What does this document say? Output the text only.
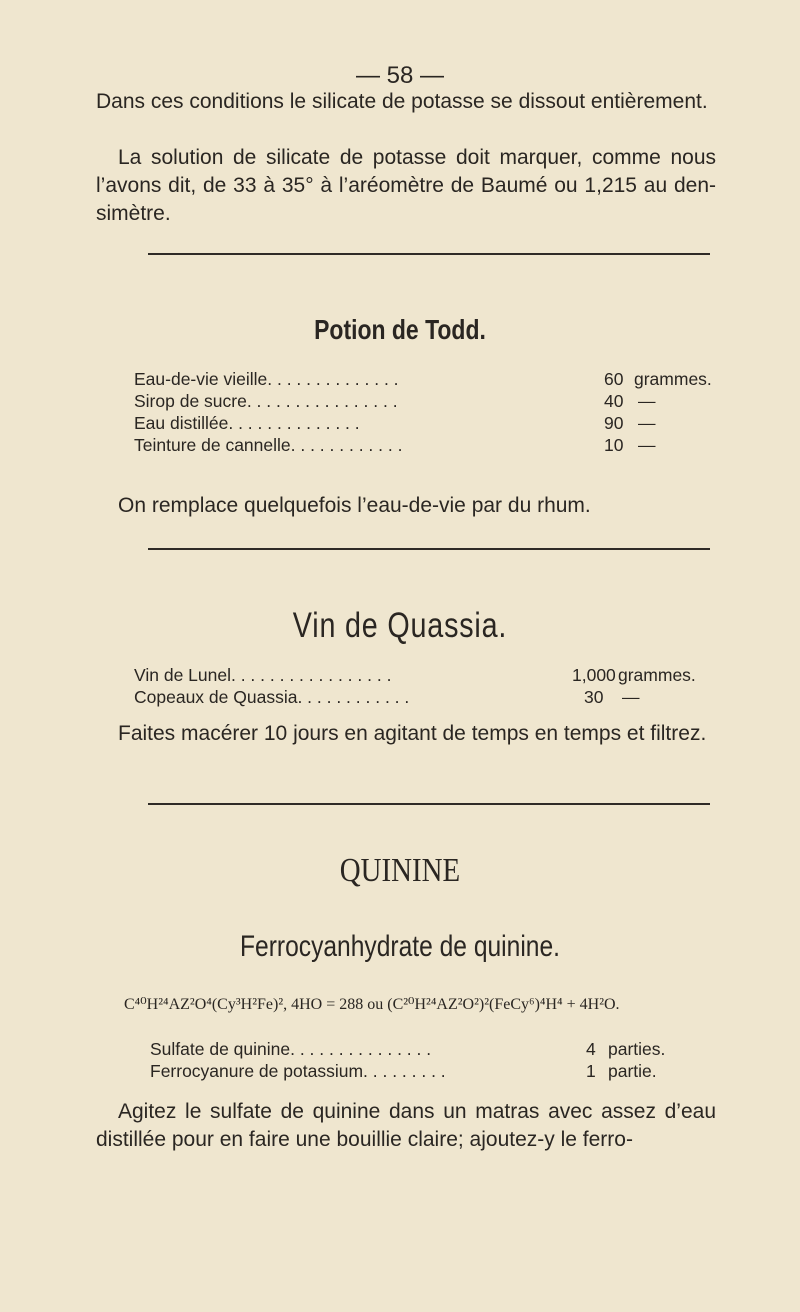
— 58 —
Dans ces conditions le silicate de potasse se dissout entièrement.
La solution de silicate de potasse doit marquer, comme nous l’avons dit, de 33 à 35° à l’aréomètre de Baumé ou 1,215 au densimètre.
Potion de Todd.
Eau-de-vie vieille. . . . . . . . . . . . . .	60 grammes.
Sirop de sucre. . . . . . . . . . . . . . . .	40 —
Eau distillée. . . . . . . . . . . . . .	90 —
Teinture de cannelle. . . . . . . . . . . .	10 —
On remplace quelquefois l’eau-de-vie par du rhum.
Vin de Quassia.
Vin de Lunel. . . . . . . . . . . . . . . . .	1,000 grammes.
Copeaux de Quassia. . . . . . . . . . . .	30 —
Faites macérer 10 jours en agitant de temps en temps et filtrez.
QUININE
Ferrocyanhydrate de quinine.
C⁴⁰H²⁴AZ²O⁴(Cy³H²Fe)², 4HO = 288 ou (C²⁰H²⁴AZ²O²)²(FeCy⁶)⁴H⁴ + 4H²O.
Sulfate de quinine. . . . . . . . . . . . . . .	4 parties.
Ferrocyanure de potassium. . . . . . . . .	1 partie.
Agitez le sulfate de quinine dans un matras avec assez d’eau distillée pour en faire une bouillie claire; ajoutez-y le ferro-
